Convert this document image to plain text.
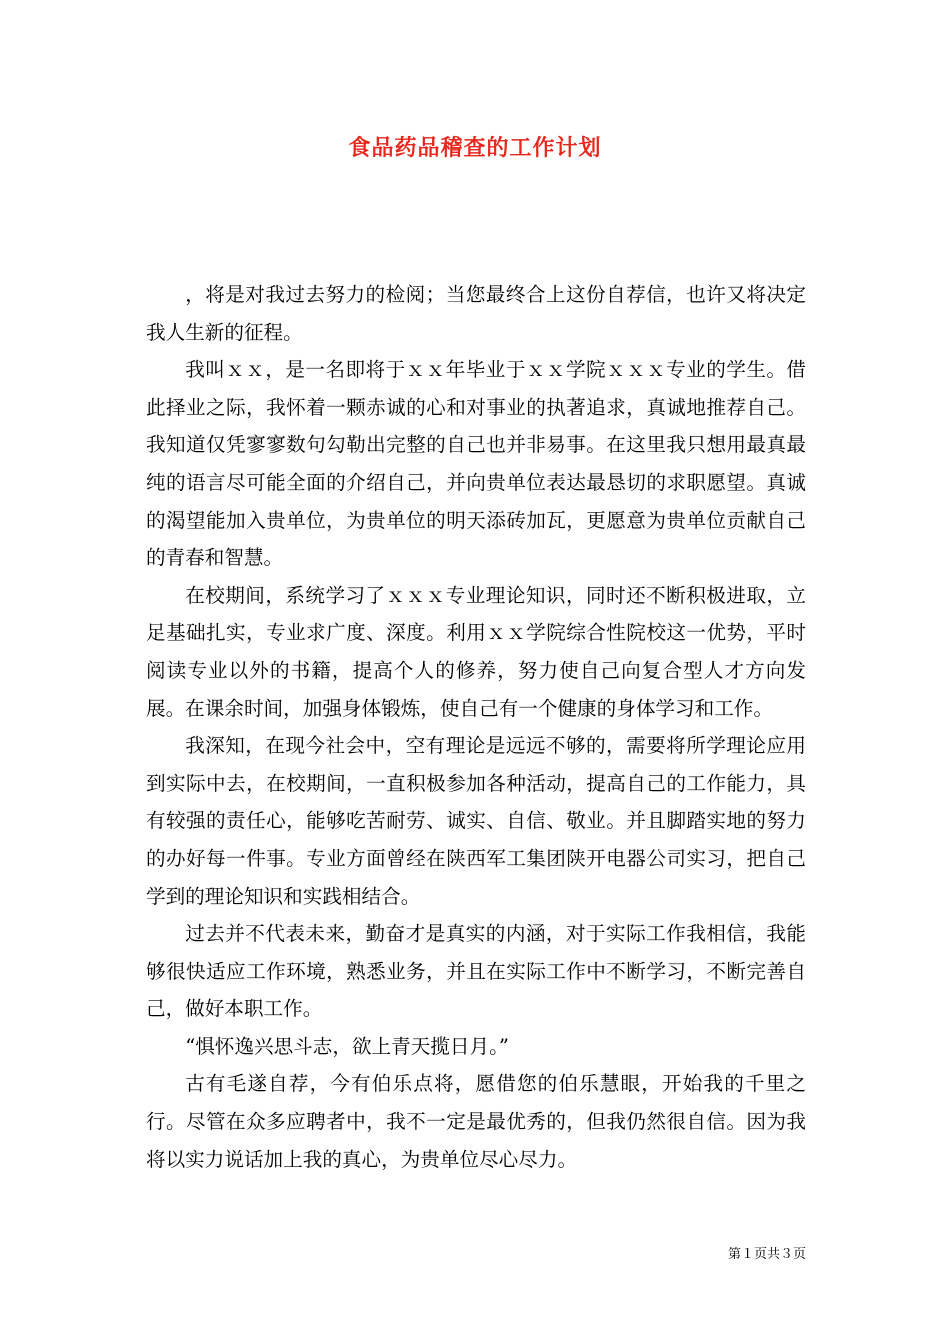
食品药品稽查的工作计划

，将是对我过去努力的检阅；当您最终合上这份自荐信，也许又将决定我人生新的征程。

我叫ｘｘ，是一名即将于ｘｘ年毕业于ｘｘ学院ｘｘｘ专业的学生。借此择业之际，我怀着一颗赤诚的心和对事业的执著追求，真诚地推荐自己。我知道仅凭寥寥数句勾勒出完整的自己也并非易事。在这里我只想用最真最纯的语言尽可能全面的介绍自己，并向贵单位表达最恳切的求职愿望。真诚的渴望能加入贵单位，为贵单位的明天添砖加瓦，更愿意为贵单位贡献自己的青春和智慧。

在校期间，系统学习了ｘｘｘ专业理论知识，同时还不断积极进取，立足基础扎实，专业求广度、深度。利用ｘｘ学院综合性院校这一优势，平时阅读专业以外的书籍，提高个人的修养，努力使自己向复合型人才方向发展。在课余时间，加强身体锻炼，使自己有一个健康的身体学习和工作。

我深知，在现今社会中，空有理论是远远不够的，需要将所学理论应用到实际中去，在校期间，一直积极参加各种活动，提高自己的工作能力，具有较强的责任心，能够吃苦耐劳、诚实、自信、敬业。并且脚踏实地的努力的办好每一件事。专业方面曾经在陕西军工集团陕开电器公司实习，把自己学到的理论知识和实践相结合。

过去并不代表未来，勤奋才是真实的内涵，对于实际工作我相信，我能够很快适应工作环境，熟悉业务，并且在实际工作中不断学习，不断完善自己，做好本职工作。

“惧怀逸兴思斗志，欲上青天揽日月。”

古有毛遂自荐，今有伯乐点将，愿借您的伯乐慧眼，开始我的千里之行。尽管在众多应聘者中，我不一定是最优秀的，但我仍然很自信。因为我将以实力说话加上我的真心，为贵单位尽心尽力。

第１页共３页
